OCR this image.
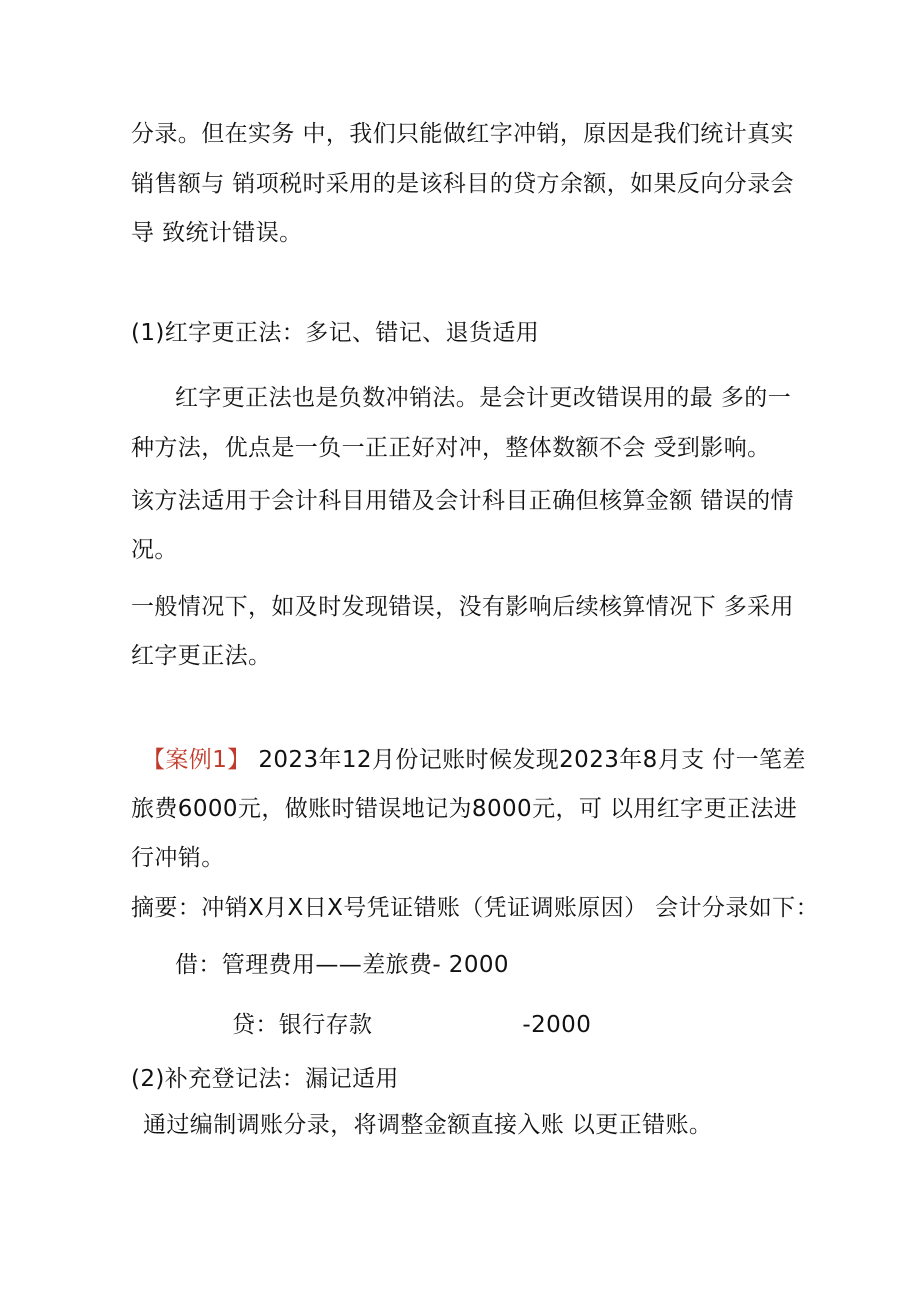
分录。但在实务 中，我们只能做红字冲销，原因是我们统计真实
销售额与 销项税时采用的是该科目的贷方余额，如果反向分录会
导 致统计错误。
(1)红字更正法：多记、错记、退货适用
红字更正法也是负数冲销法。是会计更改错误用的最 多的一
种方法，优点是一负一正正好对冲，整体数额不会 受到影响。
该方法适用于会计科目用错及会计科目正确但核算金额 错误的情
况。
一般情况下，如及时发现错误，没有影响后续核算情况下 多采用
红字更正法。
【案例1】 2023年12月份记账时候发现2023年8月支 付一笔差
旅费6000元，做账时错误地记为8000元，可 以用红字更正法进
行冲销。
摘要：冲销X月X日X号凭证错账（凭证调账原因） 会计分录如下：
借：管理费用——差旅费- 2000
贷：银行存款	-2000
(2)补充登记法：漏记适用
通过编制调账分录，将调整金额直接入账 以更正错账。
